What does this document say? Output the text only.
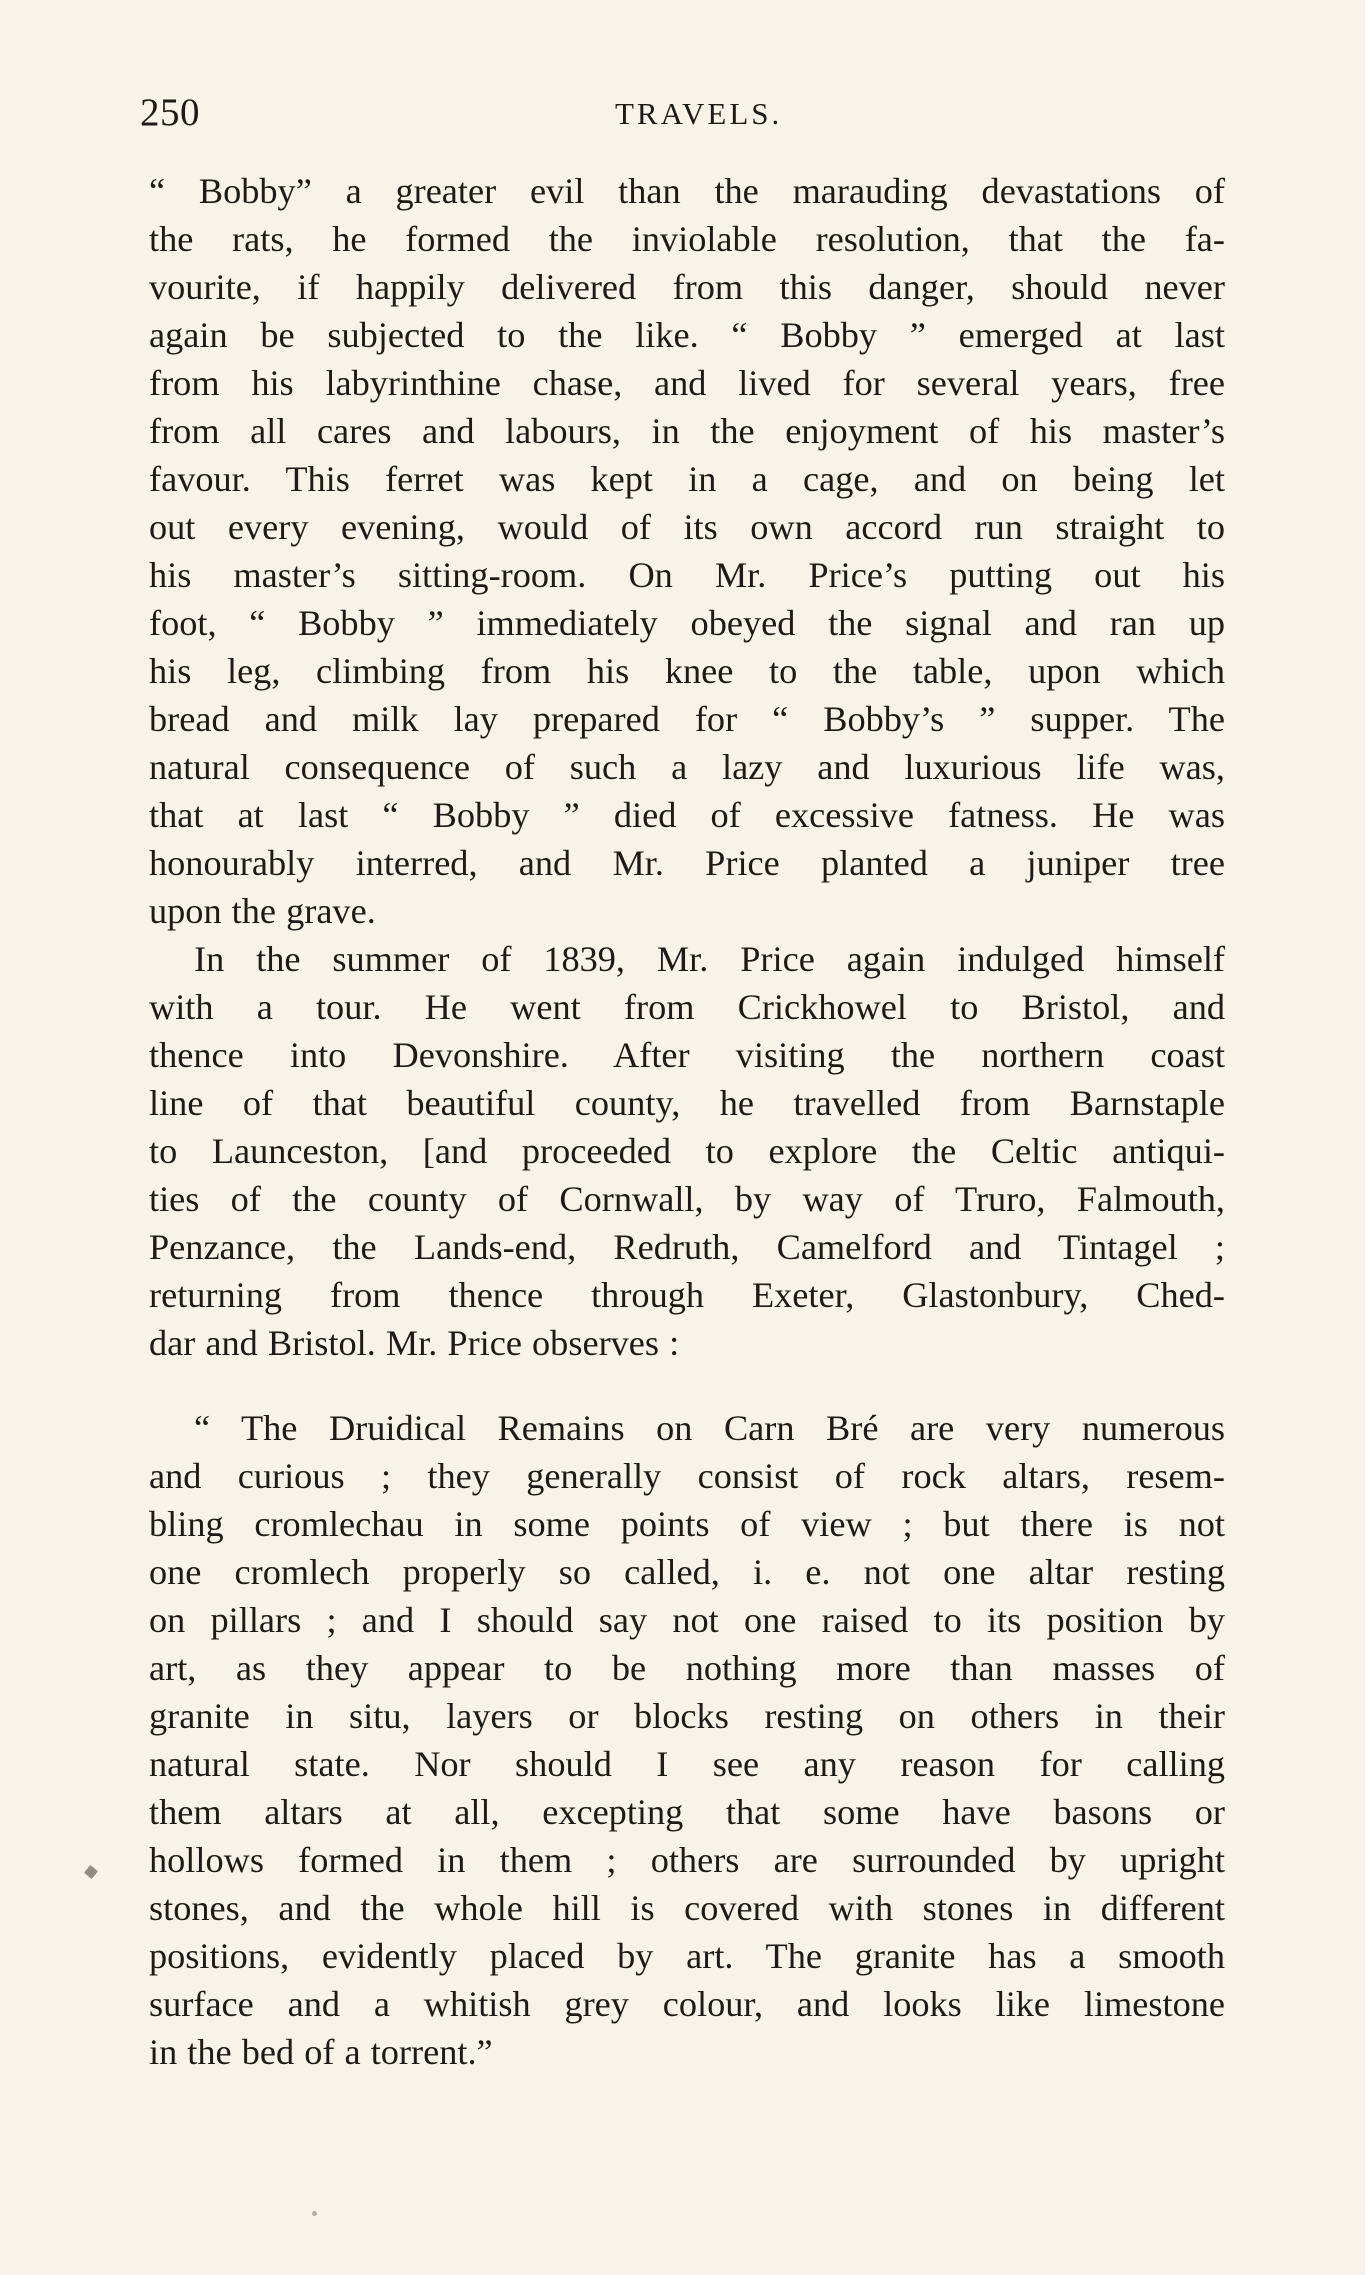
250	TRAVELS.

“ Bobby” a greater evil than the marauding devastations of
the rats, he formed the inviolable resolution, that the fa-
vourite, if happily delivered from this danger, should never
again be subjected to the like. “ Bobby ” emerged at last
from his labyrinthine chase, and lived for several years, free
from all cares and labours, in the enjoyment of his master’s
favour. This ferret was kept in a cage, and on being let
out every evening, would of its own accord run straight to
his master’s sitting-room. On Mr. Price’s putting out his
foot, “ Bobby ” immediately obeyed the signal and ran up
his leg, climbing from his knee to the table, upon which
bread and milk lay prepared for “ Bobby’s ” supper. The
natural consequence of such a lazy and luxurious life was,
that at last “ Bobby ” died of excessive fatness. He was
honourably interred, and Mr. Price planted a juniper tree
upon the grave.

In the summer of 1839, Mr. Price again indulged himself
with a tour. He went from Crickhowel to Bristol, and
thence into Devonshire. After visiting the northern coast
line of that beautiful county, he travelled from Barnstaple
to Launceston, [and proceeded to explore the Celtic antiqui-
ties of the county of Cornwall, by way of Truro, Falmouth,
Penzance, the Lands-end, Redruth, Camelford and Tintagel ;
returning from thence through Exeter, Glastonbury, Ched-
dar and Bristol. Mr. Price observes :

“ The Druidical Remains on Carn Bré are very numerous
and curious ; they generally consist of rock altars, resem-
bling cromlechau in some points of view ; but there is not
one cromlech properly so called, i. e. not one altar resting
on pillars ; and I should say not one raised to its position by
art, as they appear to be nothing more than masses of
granite in situ, layers or blocks resting on others in their
natural state. Nor should I see any reason for calling
them altars at all, excepting that some have basons or
hollows formed in them ; others are surrounded by upright
stones, and the whole hill is covered with stones in different
positions, evidently placed by art. The granite has a smooth
surface and a whitish grey colour, and looks like limestone
in the bed of a torrent.”
